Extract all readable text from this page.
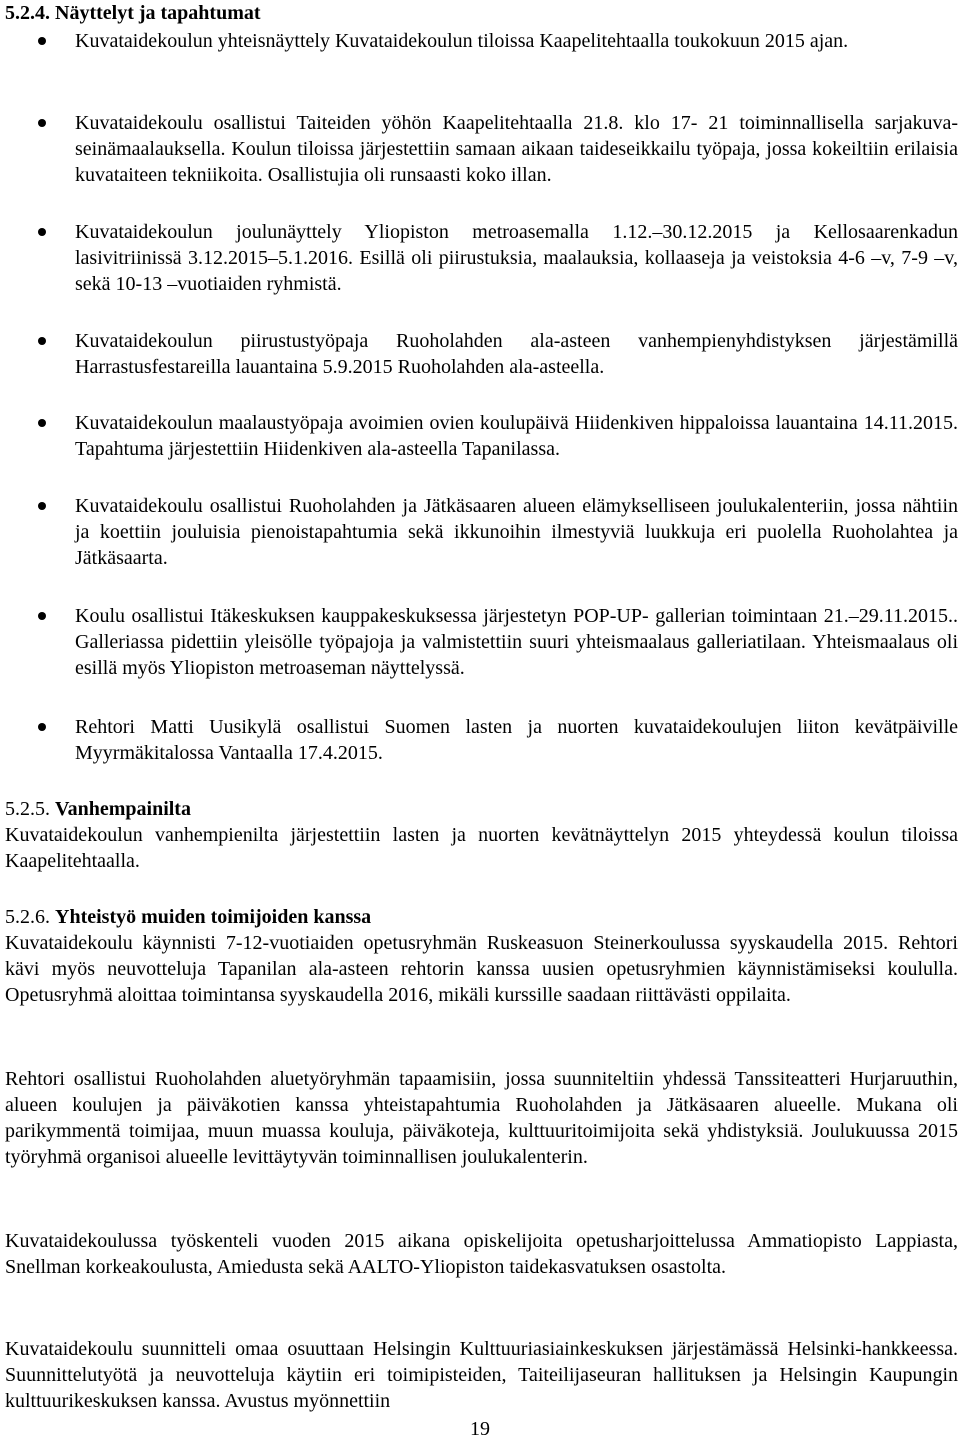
5.2.4. Näyttelyt ja tapahtumat
Kuvataidekoulun yhteisnäyttely Kuvataidekoulun tiloissa Kaapelitehtaalla toukokuun 2015 ajan.
Kuvataidekoulu osallistui Taiteiden yöhön Kaapelitehtaalla 21.8. klo 17- 21 toiminnallisella sarjakuva-seinämaalauksella. Koulun tiloissa järjestettiin samaan aikaan taideseikkailu työpaja, jossa kokeiltiin erilaisia kuvataiteen tekniikoita. Osallistujia oli runsaasti koko illan.
Kuvataidekoulun joulunäyttely Yliopiston metroasemalla 1.12.–30.12.2015 ja Kellosaarenkadun lasivitriinissä 3.12.2015–5.1.2016. Esillä oli piirustuksia, maalauksia, kollaaseja ja veistoksia 4-6 –v, 7-9 –v, sekä 10-13 –vuotiaiden ryhmistä.
Kuvataidekoulun piirustustyöpaja Ruoholahden ala-asteen vanhempienyhdistyksen järjestämillä Harrastusfestareilla lauantaina 5.9.2015 Ruoholahden ala-asteella.
Kuvataidekoulun maalaustyöpaja avoimien ovien koulupäivä Hiidenkiven hippaloissa lauantaina 14.11.2015. Tapahtuma järjestettiin Hiidenkiven ala-asteella Tapanilassa.
Kuvataidekoulu osallistui Ruoholahden ja Jätkäsaaren alueen elämykselliseen joulukalenteriin, jossa nähtiin ja koettiin jouluisia pienoistapahtumia sekä ikkunoihin ilmestyviä luukkuja eri puolella Ruoholahtea ja Jätkäsaarta.
Koulu osallistui Itäkeskuksen kauppakeskuksessa järjestetyn POP-UP- gallerian toimintaan 21.–29.11.2015.. Galleriassa pidettiin yleisölle työpajoja ja valmistettiin suuri yhteismaalaus galleriatilaan. Yhteismaalaus oli esillä myös Yliopiston metroaseman näyttelyssä.
Rehtori Matti Uusikylä osallistui Suomen lasten ja nuorten kuvataidekoulujen liiton kevätpäiville Myyrmäkitalossa Vantaalla 17.4.2015.
5.2.5. Vanhempainilta
Kuvataidekoulun vanhempienilta järjestettiin lasten ja nuorten kevätnäyttelyn 2015 yhteydessä koulun tiloissa Kaapelitehtaalla.
5.2.6. Yhteistyö muiden toimijoiden kanssa
Kuvataidekoulu käynnisti 7-12-vuotiaiden opetusryhmän Ruskeasuon Steinerkoulussa syyskaudella 2015. Rehtori kävi myös neuvotteluja Tapanilan ala-asteen rehtorin kanssa uusien opetusryhmien käynnistämiseksi koululla. Opetusryhmä aloittaa toimintansa syyskaudella 2016, mikäli kurssille saadaan riittävästi oppilaita.
Rehtori osallistui Ruoholahden aluetyöryhmän tapaamisiin, jossa suunniteltiin yhdessä Tanssiteatteri Hurjaruuthin, alueen koulujen ja päiväkotien kanssa yhteistapahtumia Ruoholahden ja Jätkäsaaren alueelle. Mukana oli parikymmentä toimijaa, muun muassa kouluja, päiväkoteja, kulttuuritoimijoita sekä yhdistyksiä. Joulukuussa 2015 työryhmä organisoi alueelle levittäytyvän toiminnallisen joulukalenterin.
Kuvataidekoulussa työskenteli vuoden 2015 aikana opiskelijoita opetusharjoittelussa Ammatiopisto Lappiasta, Snellman korkeakoulusta, Amiedusta sekä AALTO-Yliopiston taidekasvatuksen osastolta.
Kuvataidekoulu suunnitteli omaa osuuttaan Helsingin Kulttuuriasiainkeskuksen järjestämässä Helsinki-hankkeessa. Suunnittelutyötä ja neuvotteluja käytiin eri toimipisteiden, Taiteilijaseuran hallituksen ja Helsingin Kaupungin kulttuurikeskuksen kanssa. Avustus myönnettiin
19
